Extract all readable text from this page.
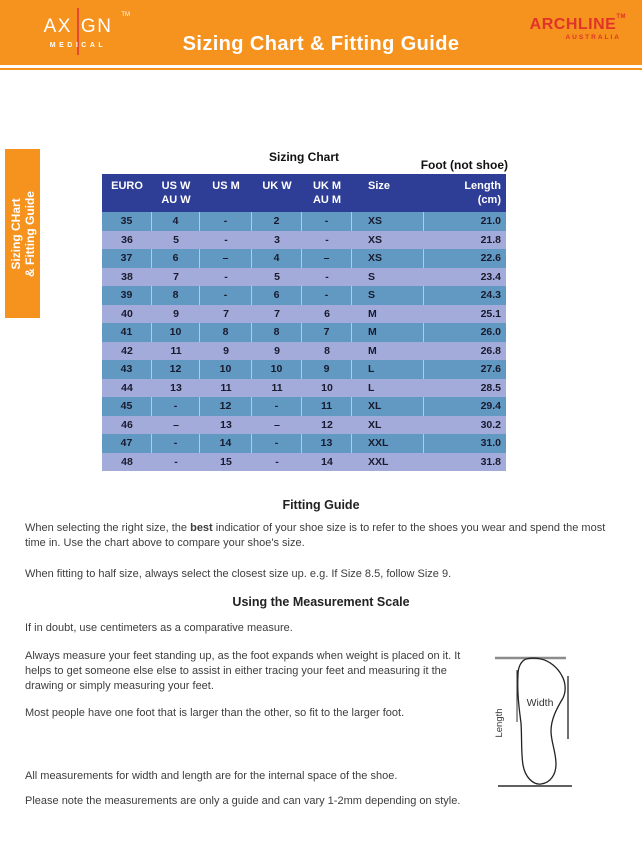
AX GN
TM
MEDICAL	Sizing Chart & Fitting Guide
ARCHLINE™
AUSTRALIA
Sizing CHart
& Fitting Guide
Sizing Chart
Foot (not shoe)
EURO	US W
AU W
US M	UK W	UK M
AU M
Size	Length
(cm)
35	4	-	2	-	XS	21.0
36	5	-	3	-	XS	21.8
37	6	–	4	–	XS	22.6
38	7	-	5	-	S	23.4
39	8	-	6	-	S	24.3
40	9	7	7	6	M	25.1
41	10	8	8	7	M	26.0
42	11	9	9	8	M	26.8
43	12	10	10	9	L	27.6
44	13	11	11	10	L	28.5
45	-	12	-	11	XL	29.4
46	–	13	–	12	XL	30.2
47	-	14	-	13	XXL	31.0
48	-	15	-	14	XXL	31.8
Fitting Guide

When selecting the right size, the best indicatior of your shoe size is to refer to the shoes you wear and spend the most time in. Use the chart above to compare your shoe's size.

When fitting to half size, always select the closest size up. e.g. If Size 8.5, follow Size 9.

Using the Measurement Scale

If in doubt, use centimeters as a comparative measure.

Always measure your feet standing up, as the foot expands when weight is placed on it. It helps to get someone else else to assist in either tracing your feet and measuring it the drawing or simply measuring your feet.

Most people have one foot that is larger than the other, so fit to the larger foot.

All measurements for width and length are for the internal space of the shoe.

Please note the measurements are only a guide and can vary 1-2mm depending on style.

Width
Length
